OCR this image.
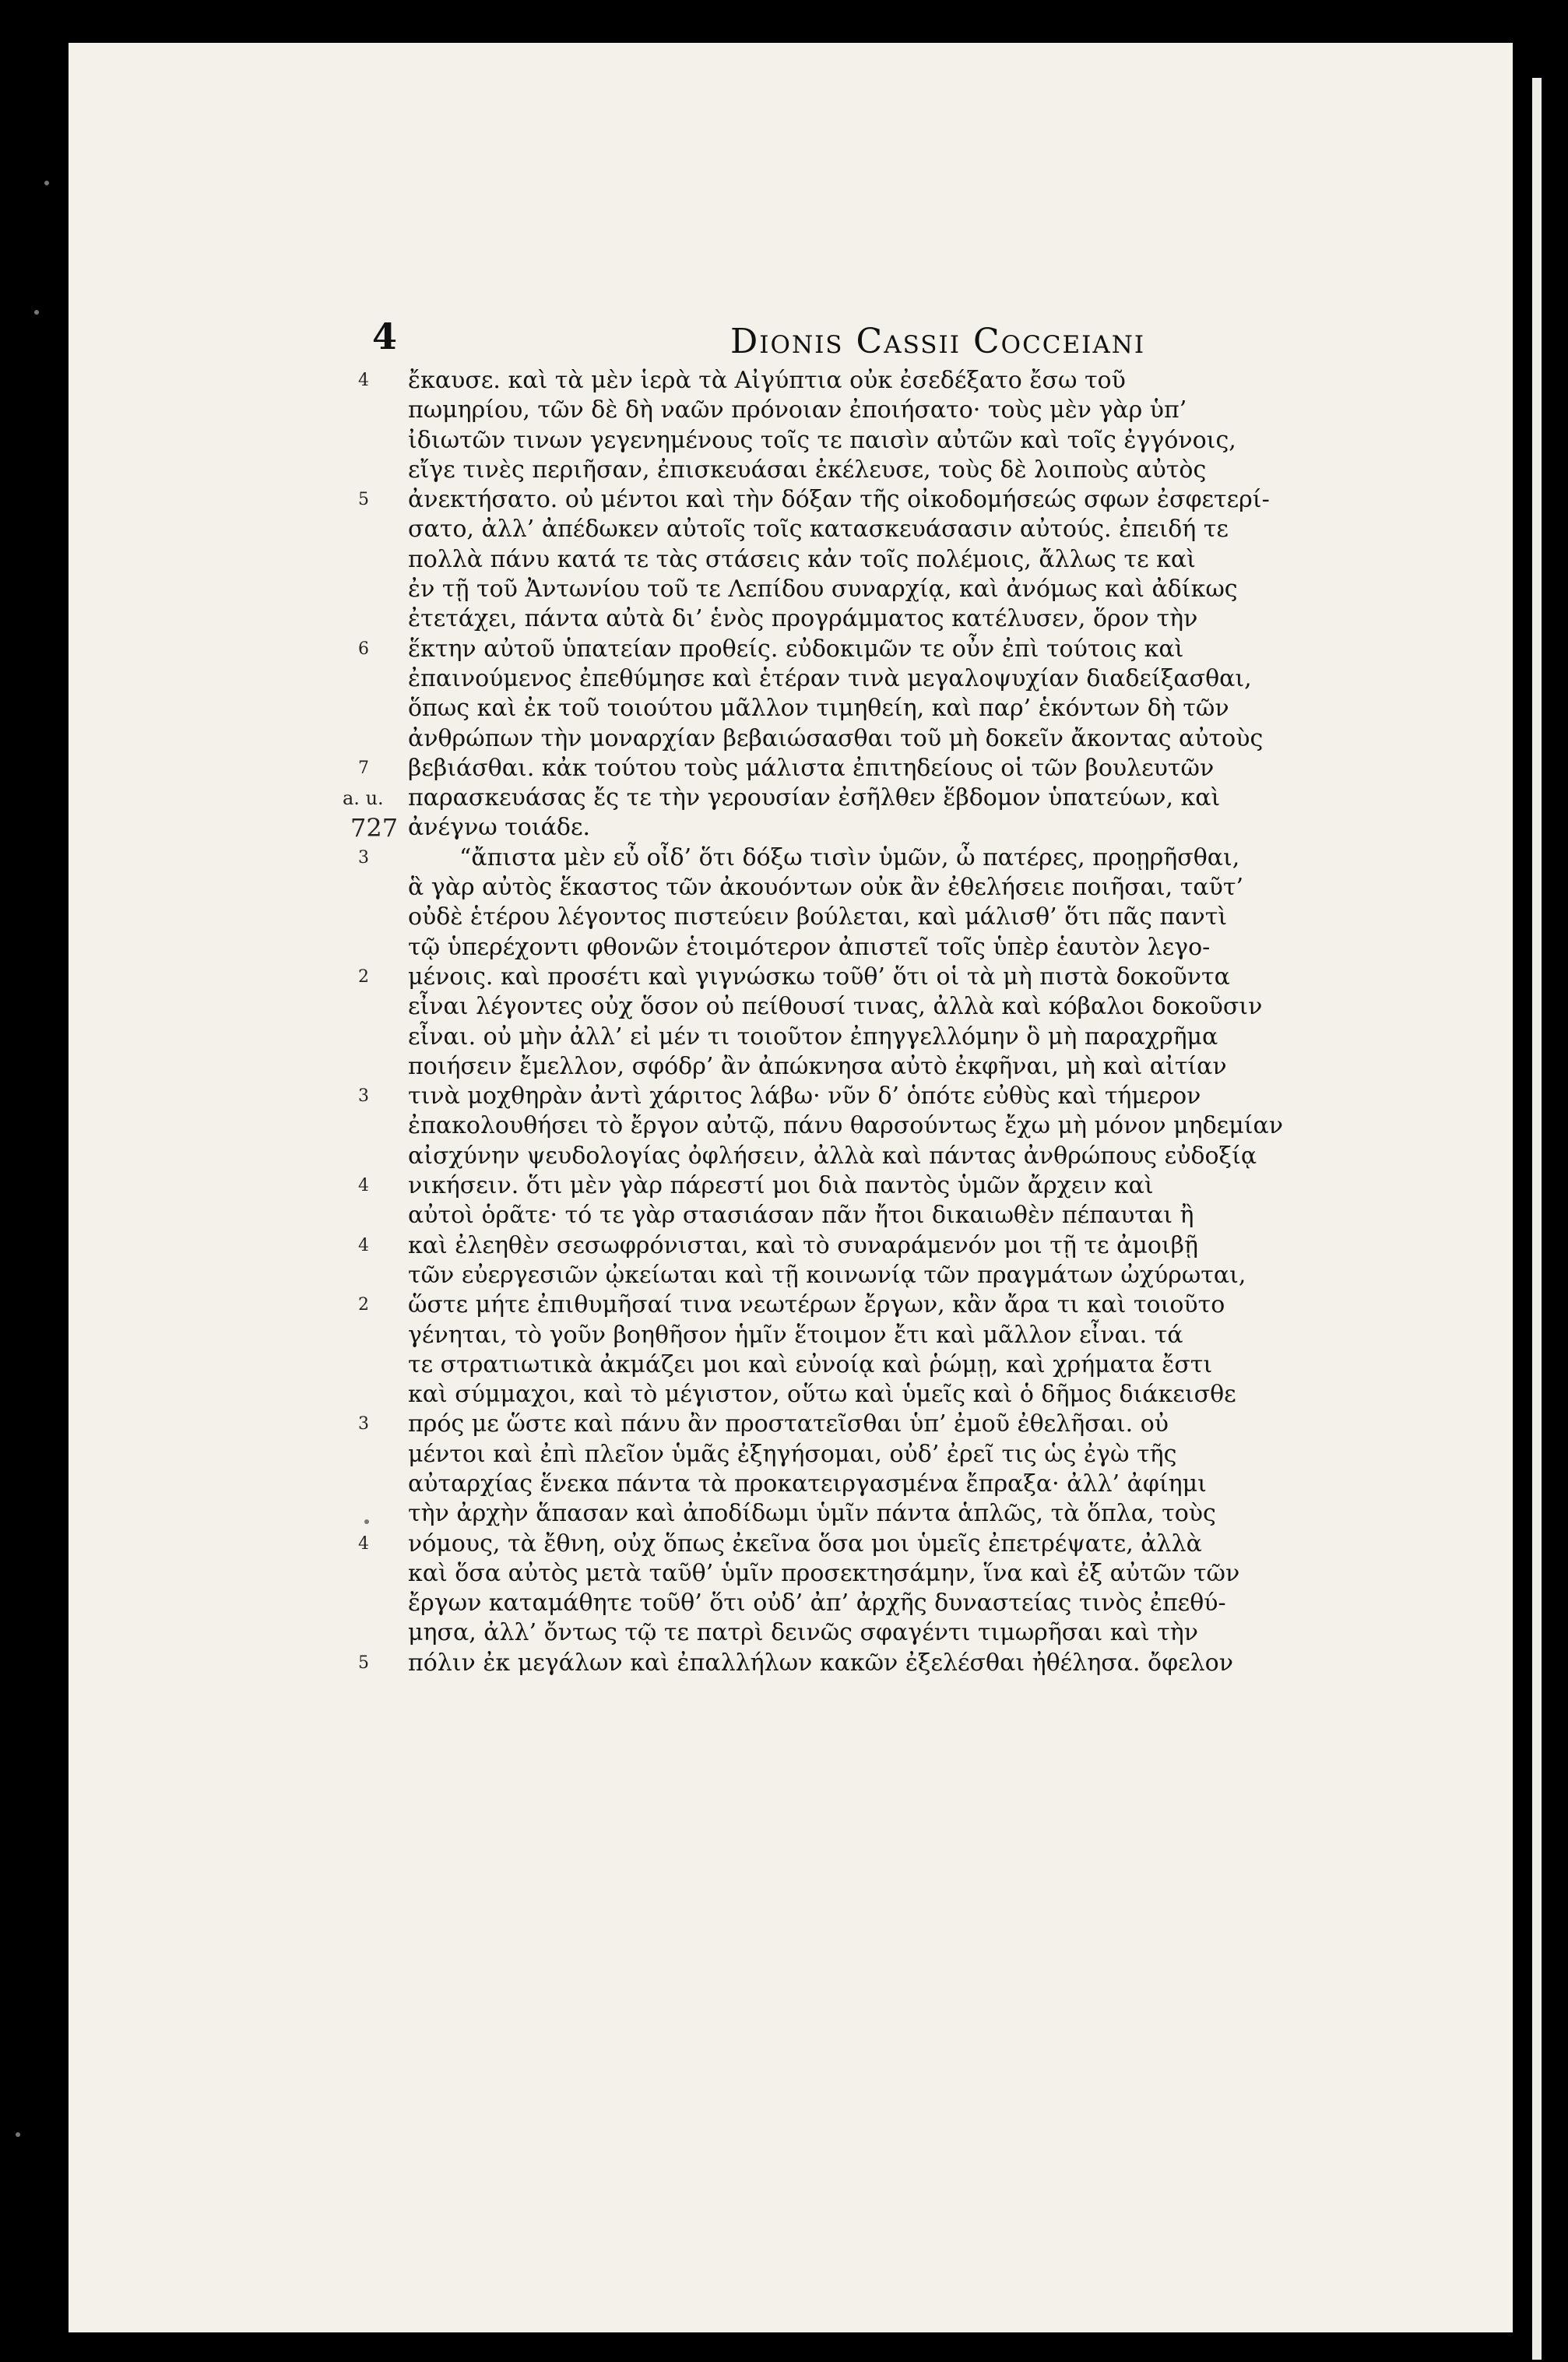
4	Dionis Cassii Cocceiani
4	ἔκαυσε. καὶ τὰ μὲν ἱερὰ τὰ Αἰγύπτια οὐκ ἐσεδέξατο ἔσω τοῦ
πωμηρίου, τῶν δὲ δὴ ναῶν πρόνοιαν ἐποιήσατο· τοὺς μὲν γὰρ ὑπ’
ἰδιωτῶν τινων γεγενημένους τοῖς τε παισὶν αὐτῶν καὶ τοῖς ἐγγόνοις,
εἴγε τινὲς περιῆσαν, ἐπισκευάσαι ἐκέλευσε, τοὺς δὲ λοιποὺς αὐτὸς
5	ἀνεκτήσατο. οὐ μέντοι καὶ τὴν δόξαν τῆς οἰκοδομήσεώς σφων ἐσφετερί-
σατο, ἀλλ’ ἀπέδωκεν αὐτοῖς τοῖς κατασκευάσασιν αὐτούς. ἐπειδή τε
πολλὰ πάνυ κατά τε τὰς στάσεις κἀν τοῖς πολέμοις, ἄλλως τε καὶ
ἐν τῇ τοῦ Ἀντωνίου τοῦ τε Λεπίδου συναρχίᾳ, καὶ ἀνόμως καὶ ἀδίκως
ἐτετάχει, πάντα αὐτὰ δι’ ἑνὸς προγράμματος κατέλυσεν, ὅρον τὴν
6	ἕκτην αὐτοῦ ὑπατείαν προθείς. εὐδοκιμῶν τε οὖν ἐπὶ τούτοις καὶ
ἐπαινούμενος ἐπεθύμησε καὶ ἑτέραν τινὰ μεγαλοψυχίαν διαδείξασθαι,
ὅπως καὶ ἐκ τοῦ τοιούτου μᾶλλον τιμηθείη, καὶ παρ’ ἑκόντων δὴ τῶν
ἀνθρώπων τὴν μοναρχίαν βεβαιώσασθαι τοῦ μὴ δοκεῖν ἄκοντας αὐτοὺς
7	βεβιάσθαι. κἀκ τούτου τοὺς μάλιστα ἐπιτηδείους οἱ τῶν βουλευτῶν
a. u. παρασκευάσας ἔς τε τὴν γερουσίαν ἐσῆλθεν ἕβδομον ὑπατεύων, καὶ
727 ἀνέγνω τοιάδε.
3	“ἄπιστα μὲν εὖ οἶδ’ ὅτι δόξω τισὶν ὑμῶν, ὦ πατέρες, προῃρῆσθαι,
ἃ γὰρ αὐτὸς ἕκαστος τῶν ἀκουόντων οὐκ ἂν ἐθελήσειε ποιῆσαι, ταῦτ’
οὐδὲ ἑτέρου λέγοντος πιστεύειν βούλεται, καὶ μάλισθ’ ὅτι πᾶς παντὶ
τῷ ὑπερέχοντι φθονῶν ἑτοιμότερον ἀπιστεῖ τοῖς ὑπὲρ ἑαυτὸν λεγο-
2	μένοις. καὶ προσέτι καὶ γιγνώσκω τοῦθ’ ὅτι οἱ τὰ μὴ πιστὰ δοκοῦντα
εἶναι λέγοντες οὐχ ὅσον οὐ πείθουσί τινας, ἀλλὰ καὶ κόβαλοι δοκοῦσιν
εἶναι. οὐ μὴν ἀλλ’ εἰ μέν τι τοιοῦτον ἐπηγγελλόμην ὃ μὴ παραχρῆμα
ποιήσειν ἔμελλον, σφόδρ’ ἂν ἀπώκνησα αὐτὸ ἐκφῆναι, μὴ καὶ αἰτίαν
3	τινὰ μοχθηρὰν ἀντὶ χάριτος λάβω· νῦν δ’ ὁπότε εὐθὺς καὶ τήμερον
ἐπακολουθήσει τὸ ἔργον αὐτῷ, πάνυ θαρσούντως ἔχω μὴ μόνον μηδεμίαν
αἰσχύνην ψευδολογίας ὀφλήσειν, ἀλλὰ καὶ πάντας ἀνθρώπους εὐδοξίᾳ
4	νικήσειν. ὅτι μὲν γὰρ πάρεστί μοι διὰ παντὸς ὑμῶν ἄρχειν καὶ
αὐτοὶ ὁρᾶτε· τό τε γὰρ στασιάσαν πᾶν ἤτοι δικαιωθὲν πέπαυται ἢ
4	καὶ ἐλεηθὲν σεσωφρόνισται, καὶ τὸ συναράμενόν μοι τῇ τε ἀμοιβῇ
τῶν εὐεργεσιῶν ᾠκείωται καὶ τῇ κοινωνίᾳ τῶν πραγμάτων ὠχύρωται,
2	ὥστε μήτε ἐπιθυμῆσαί τινα νεωτέρων ἔργων, κἂν ἄρα τι καὶ τοιοῦτο
γένηται, τὸ γοῦν βοηθῆσον ἡμῖν ἕτοιμον ἔτι καὶ μᾶλλον εἶναι. τά
τε στρατιωτικὰ ἀκμάζει μοι καὶ εὐνοίᾳ καὶ ῥώμῃ, καὶ χρήματα ἔστι
καὶ σύμμαχοι, καὶ τὸ μέγιστον, οὕτω καὶ ὑμεῖς καὶ ὁ δῆμος διάκεισθε
3	πρός με ὥστε καὶ πάνυ ἂν προστατεῖσθαι ὑπ’ ἐμοῦ ἐθελῆσαι. οὐ
μέντοι καὶ ἐπὶ πλεῖον ὑμᾶς ἐξηγήσομαι, οὐδ’ ἐρεῖ τις ὡς ἐγὼ τῆς
αὐταρχίας ἕνεκα πάντα τὰ προκατειργασμένα ἔπραξα· ἀλλ’ ἀφίημι
τὴν ἀρχὴν ἅπασαν καὶ ἀποδίδωμι ὑμῖν πάντα ἁπλῶς, τὰ ὅπλα, τοὺς
4	νόμους, τὰ ἔθνη, οὐχ ὅπως ἐκεῖνα ὅσα μοι ὑμεῖς ἐπετρέψατε, ἀλλὰ
καὶ ὅσα αὐτὸς μετὰ ταῦθ’ ὑμῖν προσεκτησάμην, ἵνα καὶ ἐξ αὐτῶν τῶν
ἔργων καταμάθητε τοῦθ’ ὅτι οὐδ’ ἀπ’ ἀρχῆς δυναστείας τινὸς ἐπεθύ-
μησα, ἀλλ’ ὄντως τῷ τε πατρὶ δεινῶς σφαγέντι τιμωρῆσαι καὶ τὴν
5	πόλιν ἐκ μεγάλων καὶ ἐπαλλήλων κακῶν ἐξελέσθαι ἠθέλησα. ὄφελον
